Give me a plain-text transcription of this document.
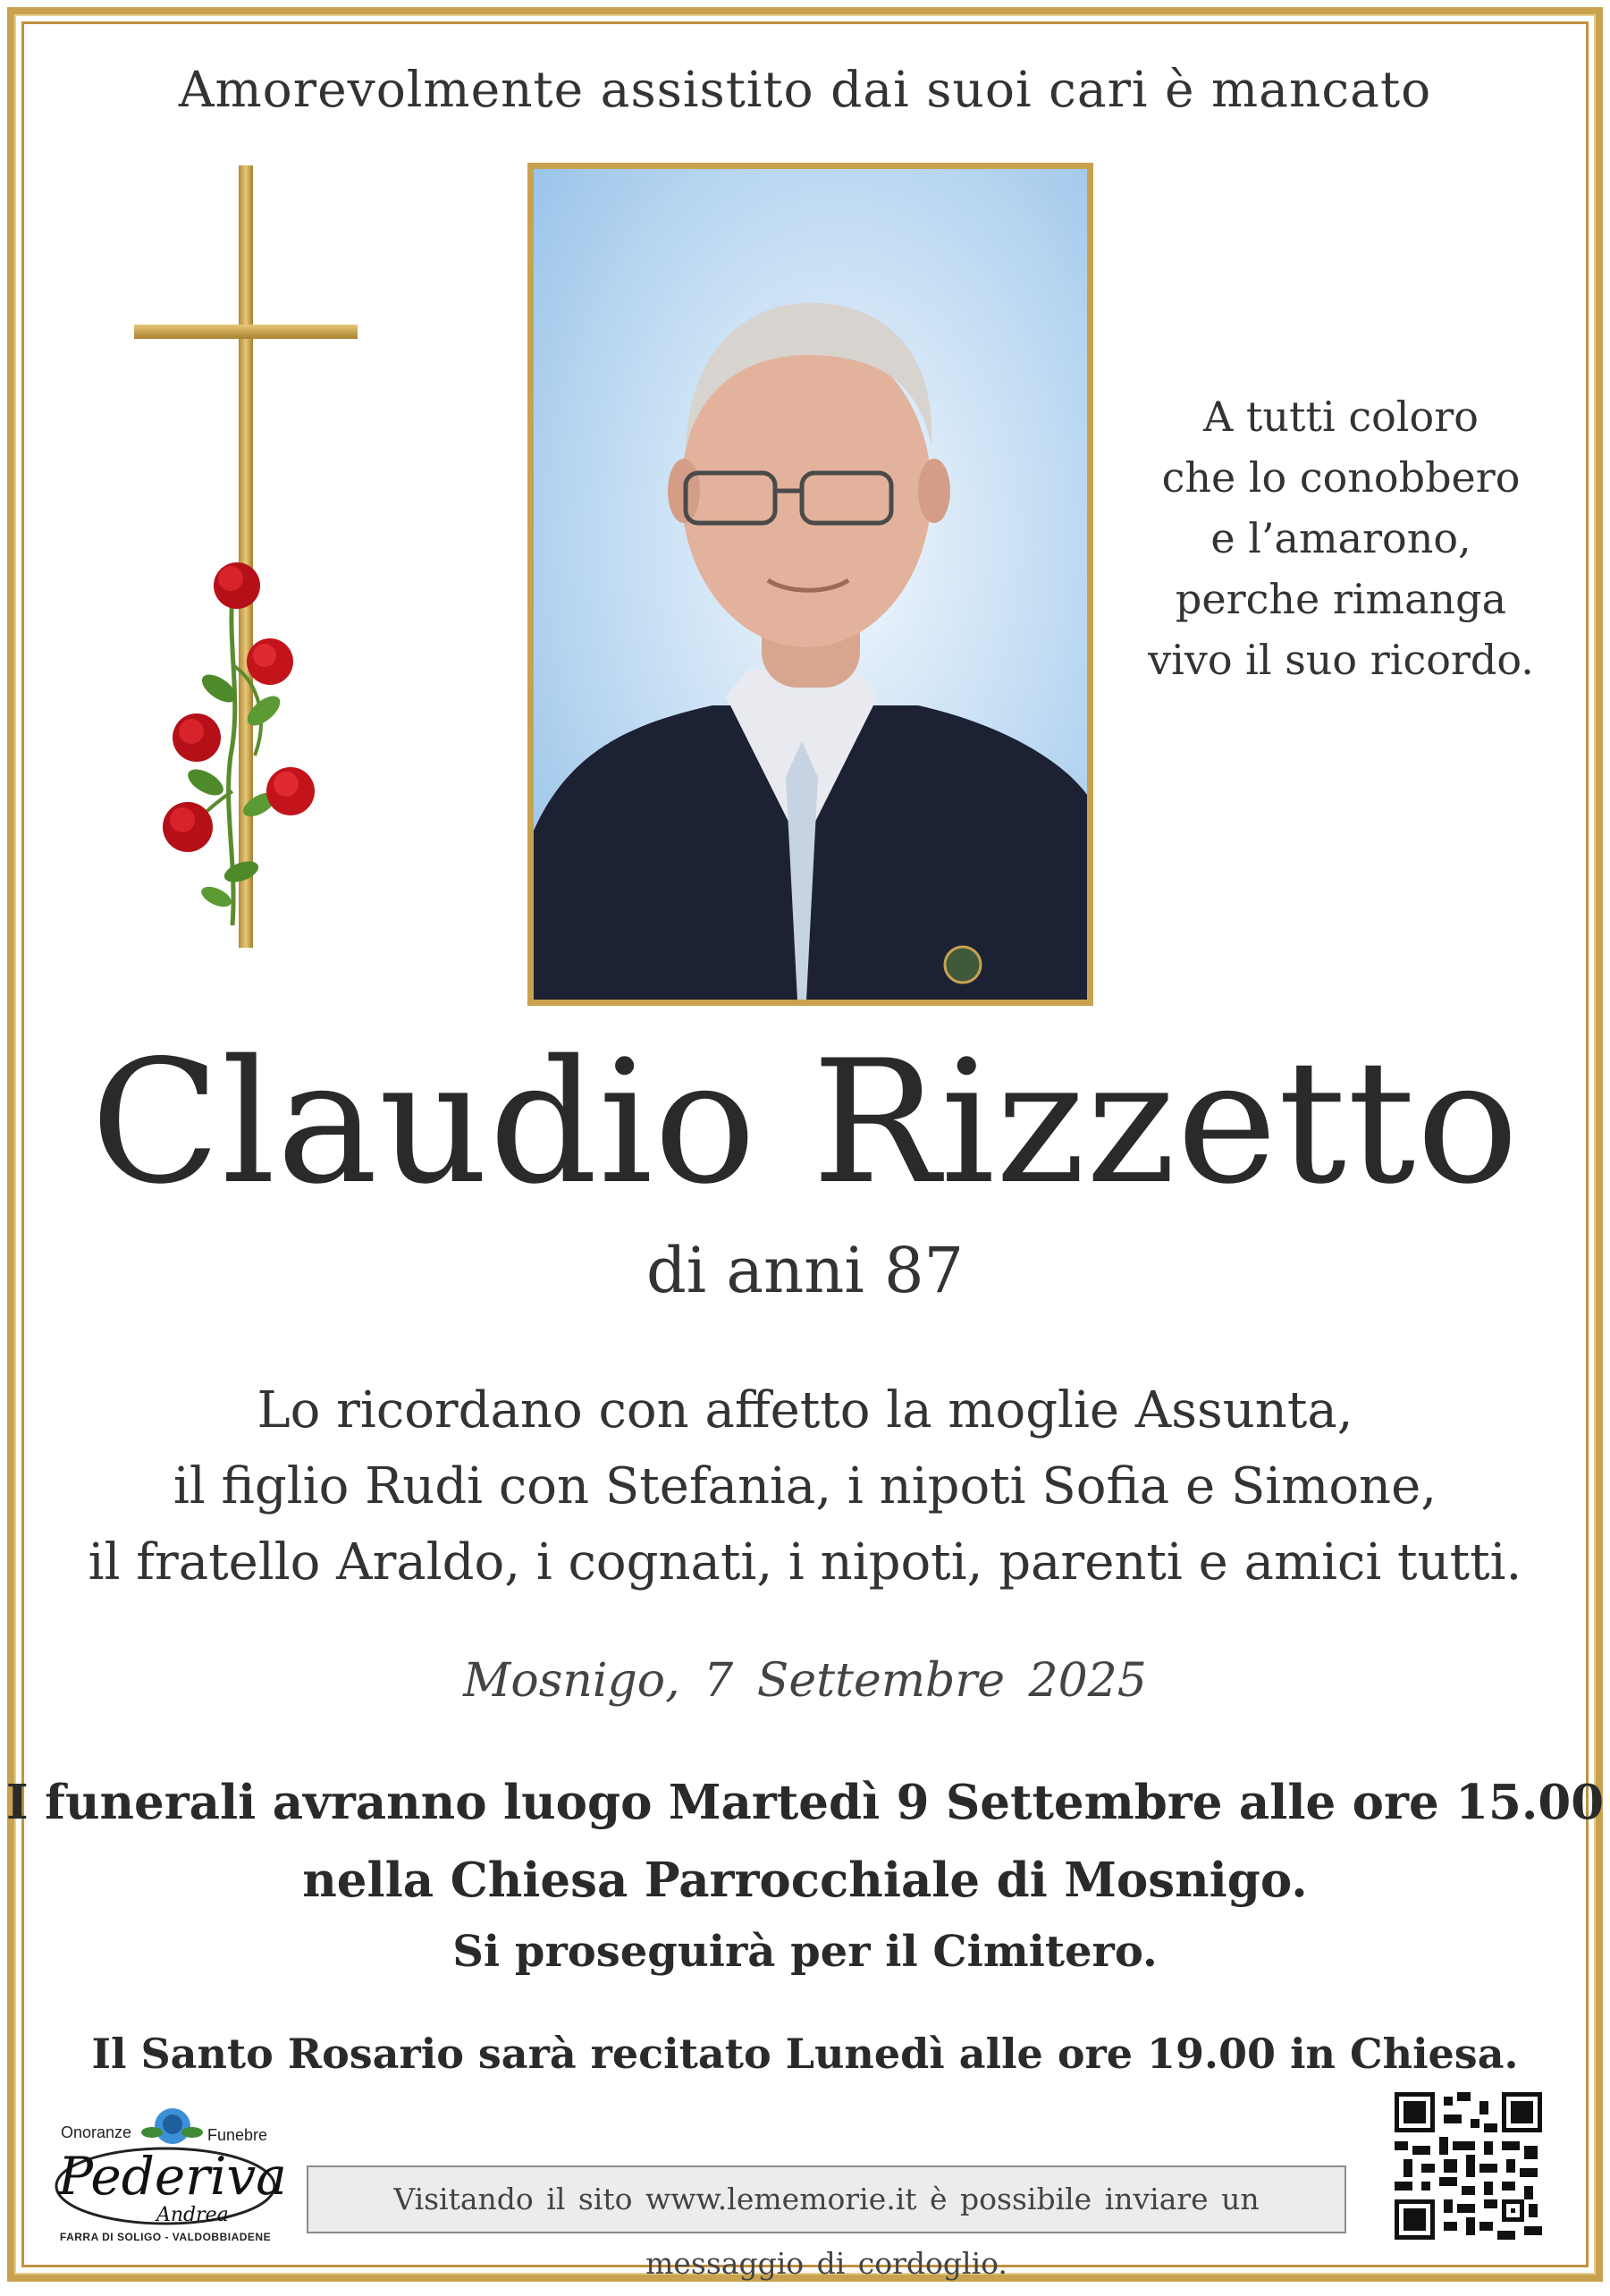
Amorevolmente assistito dai suoi cari è mancato
A tutti coloro
che lo conobbero
e l’amarono,
perche rimanga
vivo il suo ricordo.
Claudio Rizzetto
di anni 87
Lo ricordano con affetto la moglie Assunta,
il figlio Rudi con Stefania, i nipoti Sofia e Simone,
il fratello Araldo, i cognati, i nipoti, parenti e amici tutti.
Mosnigo, 7 Settembre 2025
I funerali avranno luogo Martedì 9 Settembre alle ore 15.00
nella Chiesa Parrocchiale di Mosnigo.
Si proseguirà per il Cimitero.
Il Santo Rosario sarà recitato Lunedì alle ore 19.00 in Chiesa.
Onoranze	Funebre
Pederiva
Andrea
FARRA DI SOLIGO - VALDOBBIADENE
Visitando il sito www.lememorie.it è possibile inviare un messaggio di cordoglio.
